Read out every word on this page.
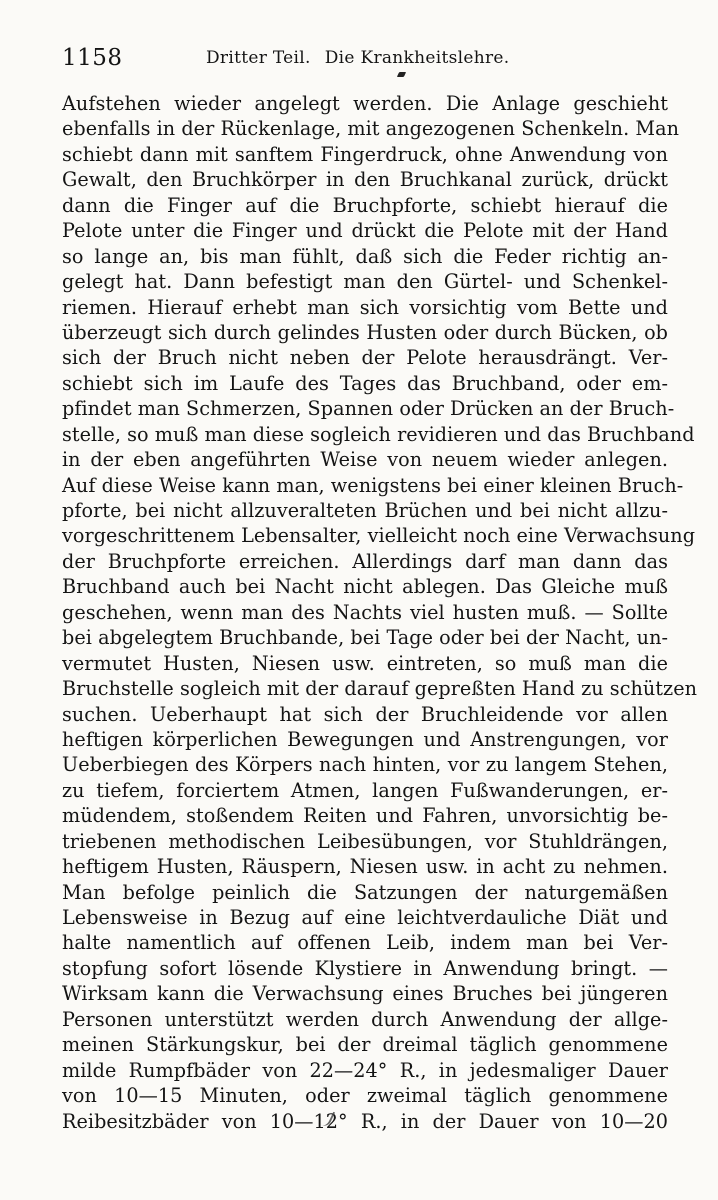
1158	Dritter Teil. Die Krankheitslehre.
Aufstehen wieder angelegt werden. Die Anlage geschieht
ebenfalls in der Rückenlage, mit angezogenen Schenkeln. Man
schiebt dann mit sanftem Fingerdruck, ohne Anwendung von
Gewalt, den Bruchkörper in den Bruchkanal zurück, drückt
dann die Finger auf die Bruchpforte, schiebt hierauf die
Pelote unter die Finger und drückt die Pelote mit der Hand
so lange an, bis man fühlt, daß sich die Feder richtig an-
gelegt hat. Dann befestigt man den Gürtel- und Schenkel-
riemen. Hierauf erhebt man sich vorsichtig vom Bette und
überzeugt sich durch gelindes Husten oder durch Bücken, ob
sich der Bruch nicht neben der Pelote herausdrängt. Ver-
schiebt sich im Laufe des Tages das Bruchband, oder em-
pfindet man Schmerzen, Spannen oder Drücken an der Bruch-
stelle, so muß man diese sogleich revidieren und das Bruchband
in der eben angeführten Weise von neuem wieder anlegen.
Auf diese Weise kann man, wenigstens bei einer kleinen Bruch-
pforte, bei nicht allzuveralteten Brüchen und bei nicht allzu-
vorgeschrittenem Lebensalter, vielleicht noch eine Verwachsung
der Bruchpforte erreichen. Allerdings darf man dann das
Bruchband auch bei Nacht nicht ablegen. Das Gleiche muß
geschehen, wenn man des Nachts viel husten muß. — Sollte
bei abgelegtem Bruchbande, bei Tage oder bei der Nacht, un-
vermutet Husten, Niesen usw. eintreten, so muß man die
Bruchstelle sogleich mit der darauf gepreßten Hand zu schützen
suchen. Ueberhaupt hat sich der Bruchleidende vor allen
heftigen körperlichen Bewegungen und Anstrengungen, vor
Ueberbiegen des Körpers nach hinten, vor zu langem Stehen,
zu tiefem, forciertem Atmen, langen Fußwanderungen, er-
müdendem, stoßendem Reiten und Fahren, unvorsichtig be-
triebenen methodischen Leibesübungen, vor Stuhldrängen,
heftigem Husten, Räuspern, Niesen usw. in acht zu nehmen.
Man befolge peinlich die Satzungen der naturgemäßen
Lebensweise in Bezug auf eine leichtverdauliche Diät und
halte namentlich auf offenen Leib, indem man bei Ver-
stopfung sofort lösende Klystiere in Anwendung bringt. —
Wirksam kann die Verwachsung eines Bruches bei jüngeren
Personen unterstützt werden durch Anwendung der allge-
meinen Stärkungskur, bei der dreimal täglich genommene
milde Rumpfbäder von 22—24° R., in jedesmaliger Dauer
von 10—15 Minuten, oder zweimal täglich genommene
Reibesitzbäder von 10—12° R., in der Dauer von 10—20
